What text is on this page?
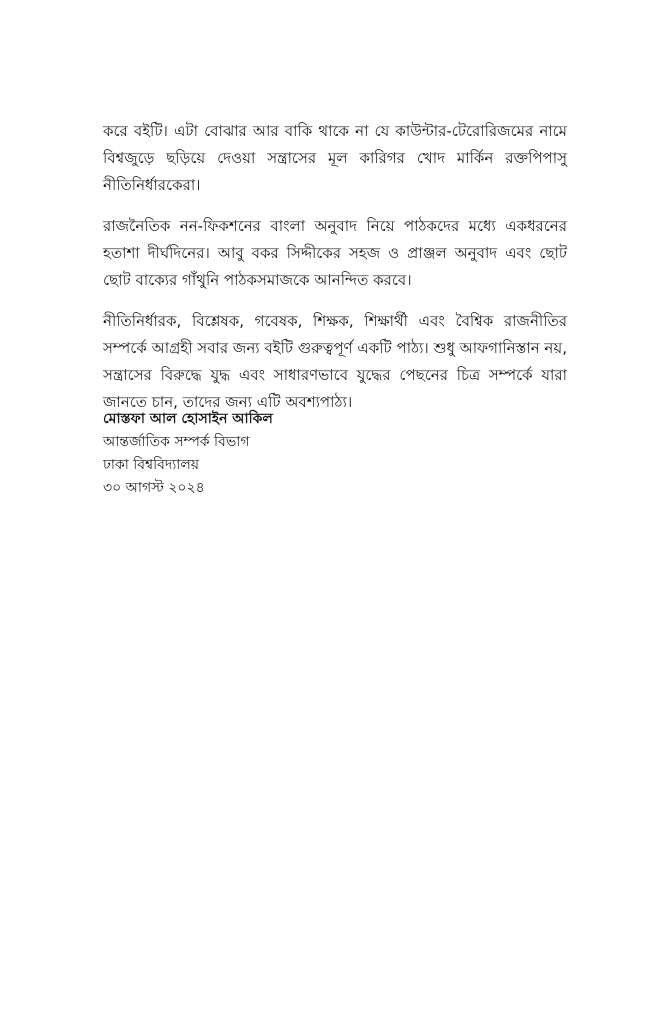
করে বইটি। এটা বোঝার আর বাকি থাকে না যে কাউন্টার-টেরোরিজমের নামে বিশ্বজুড়ে ছড়িয়ে দেওয়া সন্ত্রাসের মূল কারিগর খোদ মার্কিন রক্তপিপাসু নীতিনির্ধারকেরা।

রাজনৈতিক নন-ফিকশনের বাংলা অনুবাদ নিয়ে পাঠকদের মধ্যে একধরনের হতাশা দীর্ঘদিনের। আবু বকর সিদ্দীকের সহজ ও প্রাঞ্জল অনুবাদ এবং ছোট ছোট বাক্যের গাঁথুনি পাঠকসমাজকে আনন্দিত করবে।

নীতিনির্ধারক, বিশ্লেষক, গবেষক, শিক্ষক, শিক্ষার্থী এবং বৈশ্বিক রাজনীতির সম্পর্কে আগ্রহী সবার জন্য বইটি গুরুত্বপূর্ণ একটি পাঠ্য। শুধু আফগানিস্তান নয়, সন্ত্রাসের বিরুদ্ধে যুদ্ধ এবং সাধারণভাবে যুদ্ধের পেছনের চিত্র সম্পর্কে যারা জানতে চান, তাদের জন্য এটি অবশ্যপাঠ্য।

মোস্তফা আল হোসাইন আকিল
আন্তর্জাতিক সম্পর্ক বিভাগ
ঢাকা বিশ্ববিদ্যালয়
৩০ আগস্ট ২০২৪
